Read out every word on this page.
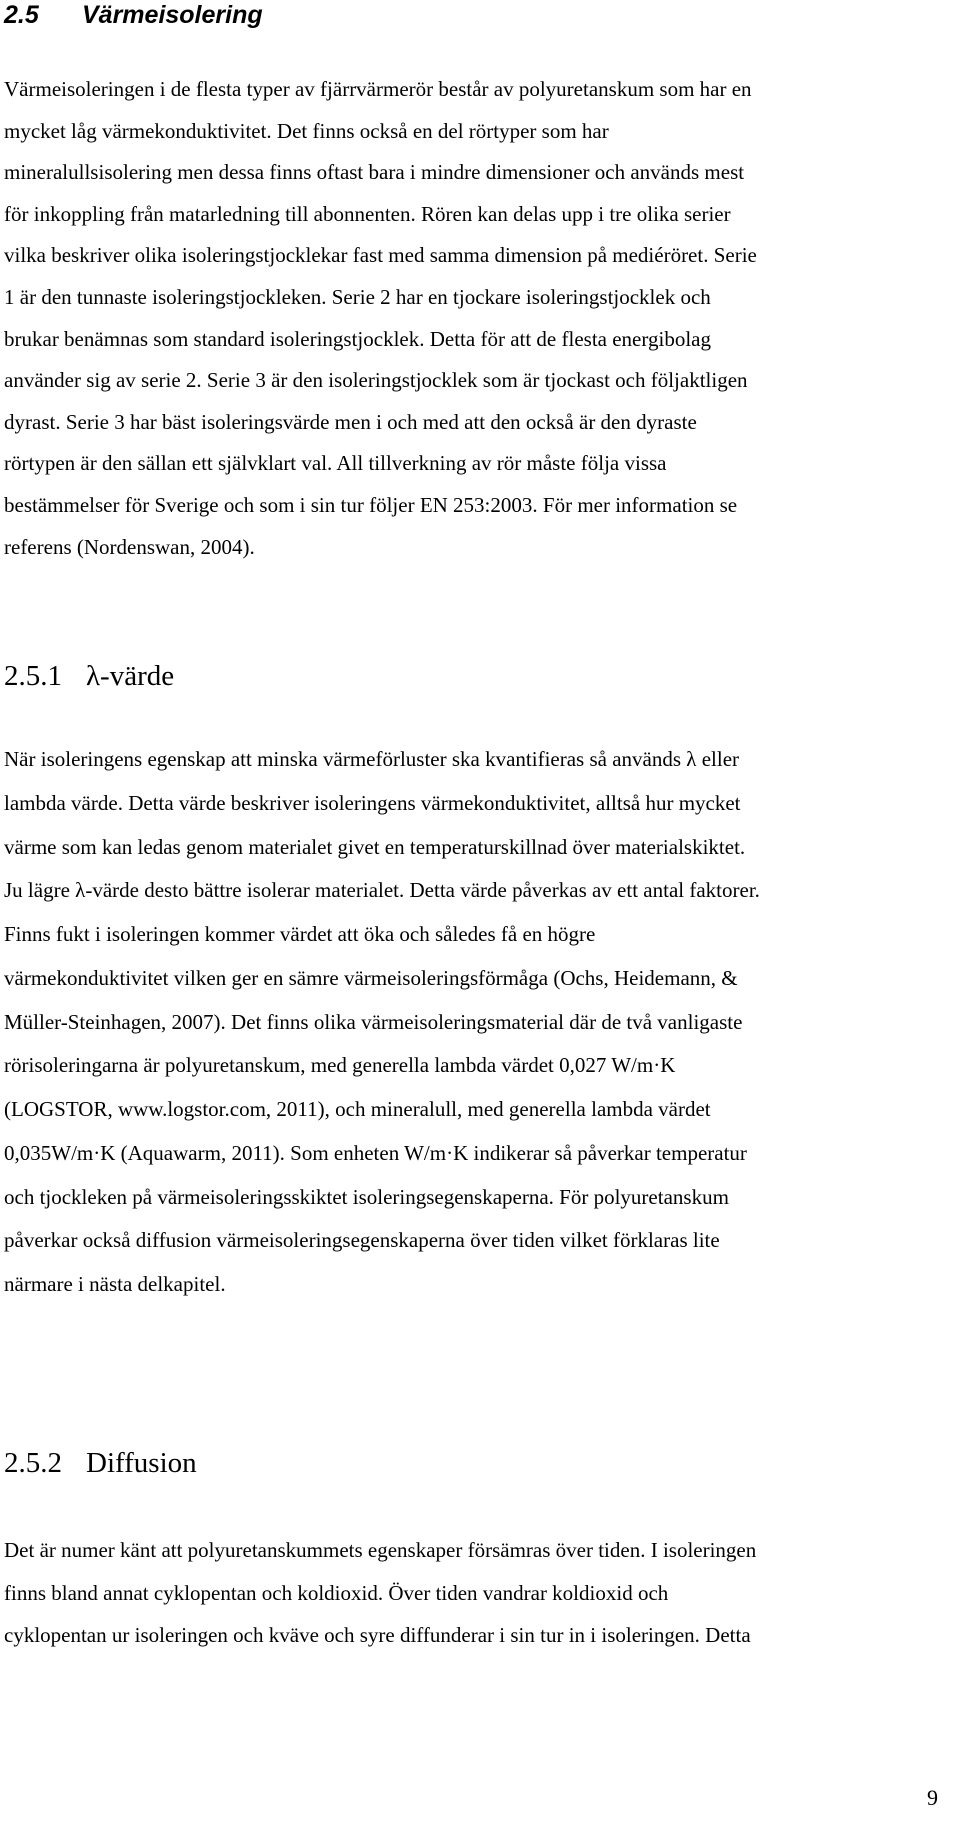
2.5 Värmeisolering
Värmeisoleringen i de flesta typer av fjärrvärmerör består av polyuretanskum som har en
mycket låg värmekonduktivitet. Det finns också en del rörtyper som har
mineralullsisolering men dessa finns oftast bara i mindre dimensioner och används mest
för inkoppling från matarledning till abonnenten. Rören kan delas upp i tre olika serier
vilka beskriver olika isoleringstjocklekar fast med samma dimension på mediéröret. Serie
1 är den tunnaste isoleringstjockleken. Serie 2 har en tjockare isoleringstjocklek och
brukar benämnas som standard isoleringstjocklek. Detta för att de flesta energibolag
använder sig av serie 2. Serie 3 är den isoleringstjocklek som är tjockast och följaktligen
dyrast. Serie 3 har bäst isoleringsvärde men i och med att den också är den dyraste
rörtypen är den sällan ett självklart val. All tillverkning av rör måste följa vissa
bestämmelser för Sverige och som i sin tur följer EN 253:2003. För mer information se
referens (Nordenswan, 2004).
2.5.1 λ-värde
När isoleringens egenskap att minska värmeförluster ska kvantifieras så används λ eller
lambda värde. Detta värde beskriver isoleringens värmekonduktivitet, alltså hur mycket
värme som kan ledas genom materialet givet en temperaturskillnad över materialskiktet.
Ju lägre λ-värde desto bättre isolerar materialet. Detta värde påverkas av ett antal faktorer.
Finns fukt i isoleringen kommer värdet att öka och således få en högre
värmekonduktivitet vilken ger en sämre värmeisoleringsförmåga (Ochs, Heidemann, &
Müller-Steinhagen, 2007). Det finns olika värmeisoleringsmaterial där de två vanligaste
rörisoleringarna är polyuretanskum, med generella lambda värdet 0,027 W/m·K
(LOGSTOR, www.logstor.com, 2011), och mineralull, med generella lambda värdet
0,035W/m·K (Aquawarm, 2011). Som enheten W/m·K indikerar så påverkar temperatur
och tjockleken på värmeisoleringsskiktet isoleringsegenskaperna. För polyuretanskum
påverkar också diffusion värmeisoleringsegenskaperna över tiden vilket förklaras lite
närmare i nästa delkapitel.
2.5.2 Diffusion
Det är numer känt att polyuretanskummets egenskaper försämras över tiden. I isoleringen
finns bland annat cyklopentan och koldioxid. Över tiden vandrar koldioxid och
cyklopentan ur isoleringen och kväve och syre diffunderar i sin tur in i isoleringen. Detta
9
